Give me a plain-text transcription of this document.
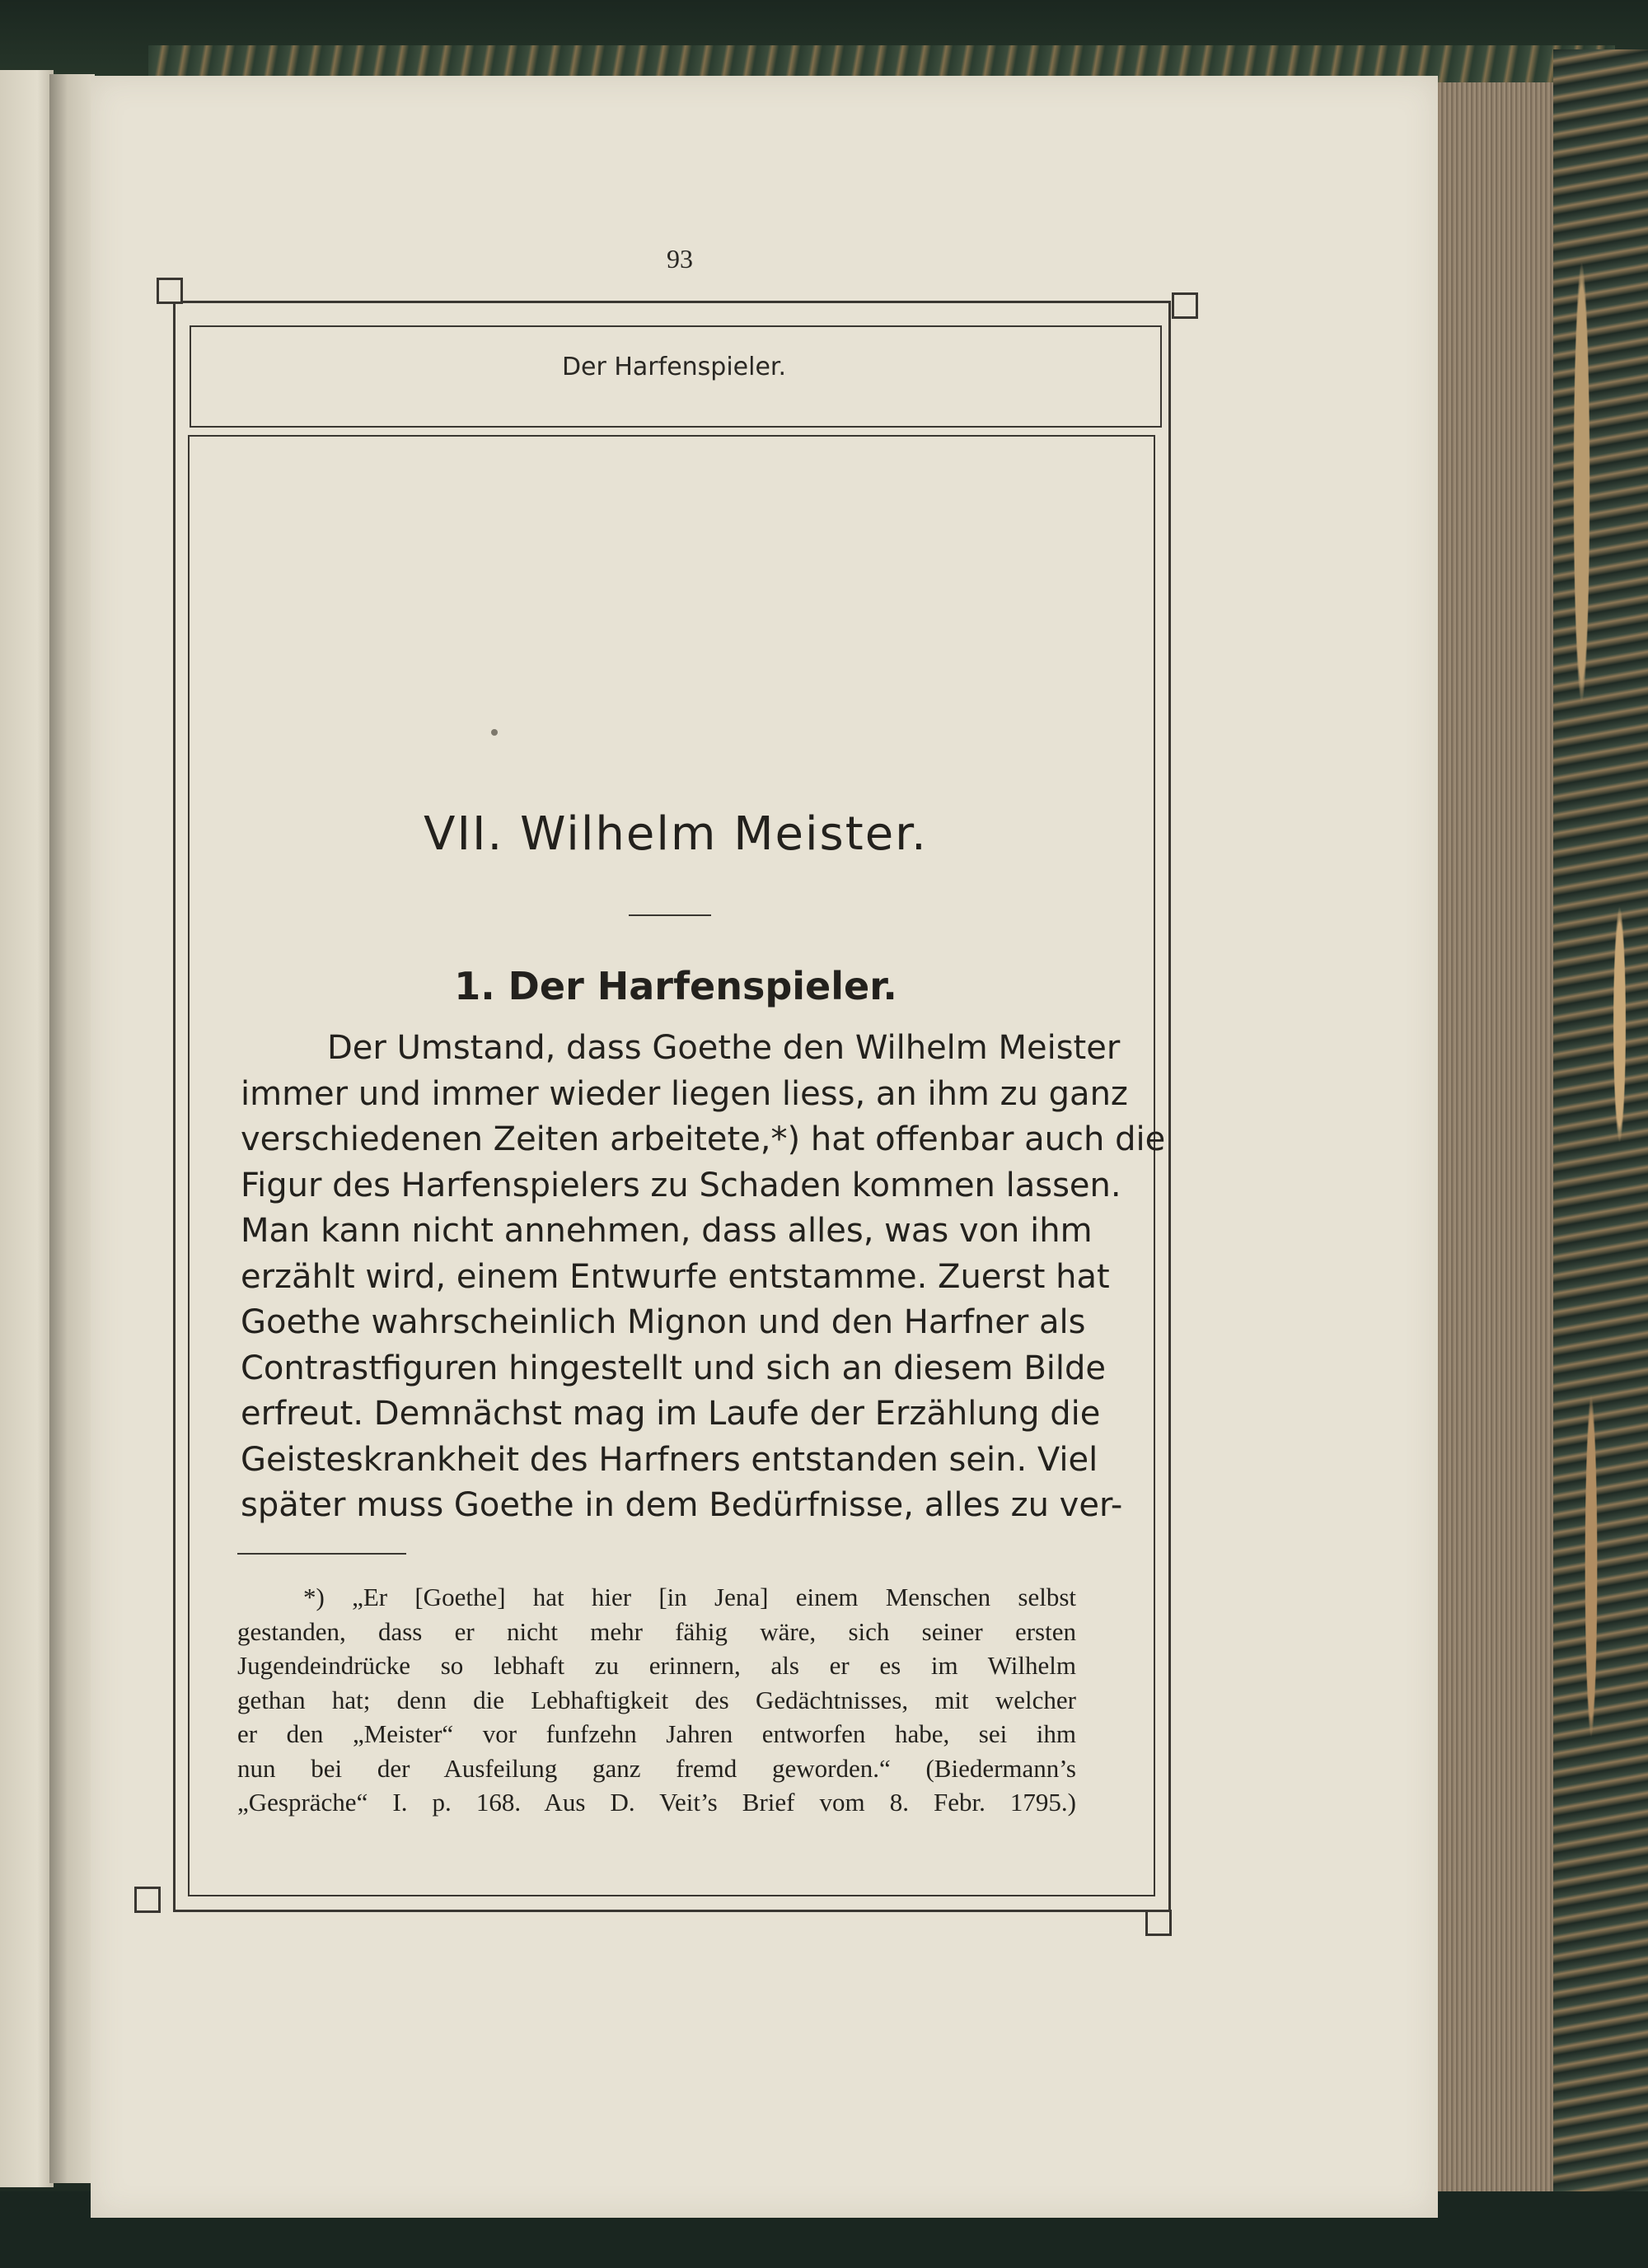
93
Der Harfenspieler.
VII. Wilhelm Meister.
1. Der Harfenspieler.
Der Umstand, dass Goethe den Wilhelm Meister
immer und immer wieder liegen liess, an ihm zu ganz
verschiedenen Zeiten arbeitete,*) hat offenbar auch die
Figur des Harfenspielers zu Schaden kommen lassen.
Man kann nicht annehmen, dass alles, was von ihm
erzählt wird, einem Entwurfe entstamme. Zuerst hat
Goethe wahrscheinlich Mignon und den Harfner als
Contrastfiguren hingestellt und sich an diesem Bilde
erfreut. Demnächst mag im Laufe der Erzählung die
Geisteskrankheit des Harfners entstanden sein. Viel
später muss Goethe in dem Bedürfnisse, alles zu ver-
*) „Er [Goethe] hat hier [in Jena] einem Menschen selbst
gestanden, dass er nicht mehr fähig wäre, sich seiner ersten
Jugendeindrücke so lebhaft zu erinnern, als er es im Wilhelm
gethan hat; denn die Lebhaftigkeit des Gedächtnisses, mit welcher
er den „Meister“ vor funfzehn Jahren entworfen habe, sei ihm
nun bei der Ausfeilung ganz fremd geworden.“ (Biedermann’s
„Gespräche“ I. p. 168. Aus D. Veit’s Brief vom 8. Febr. 1795.)
